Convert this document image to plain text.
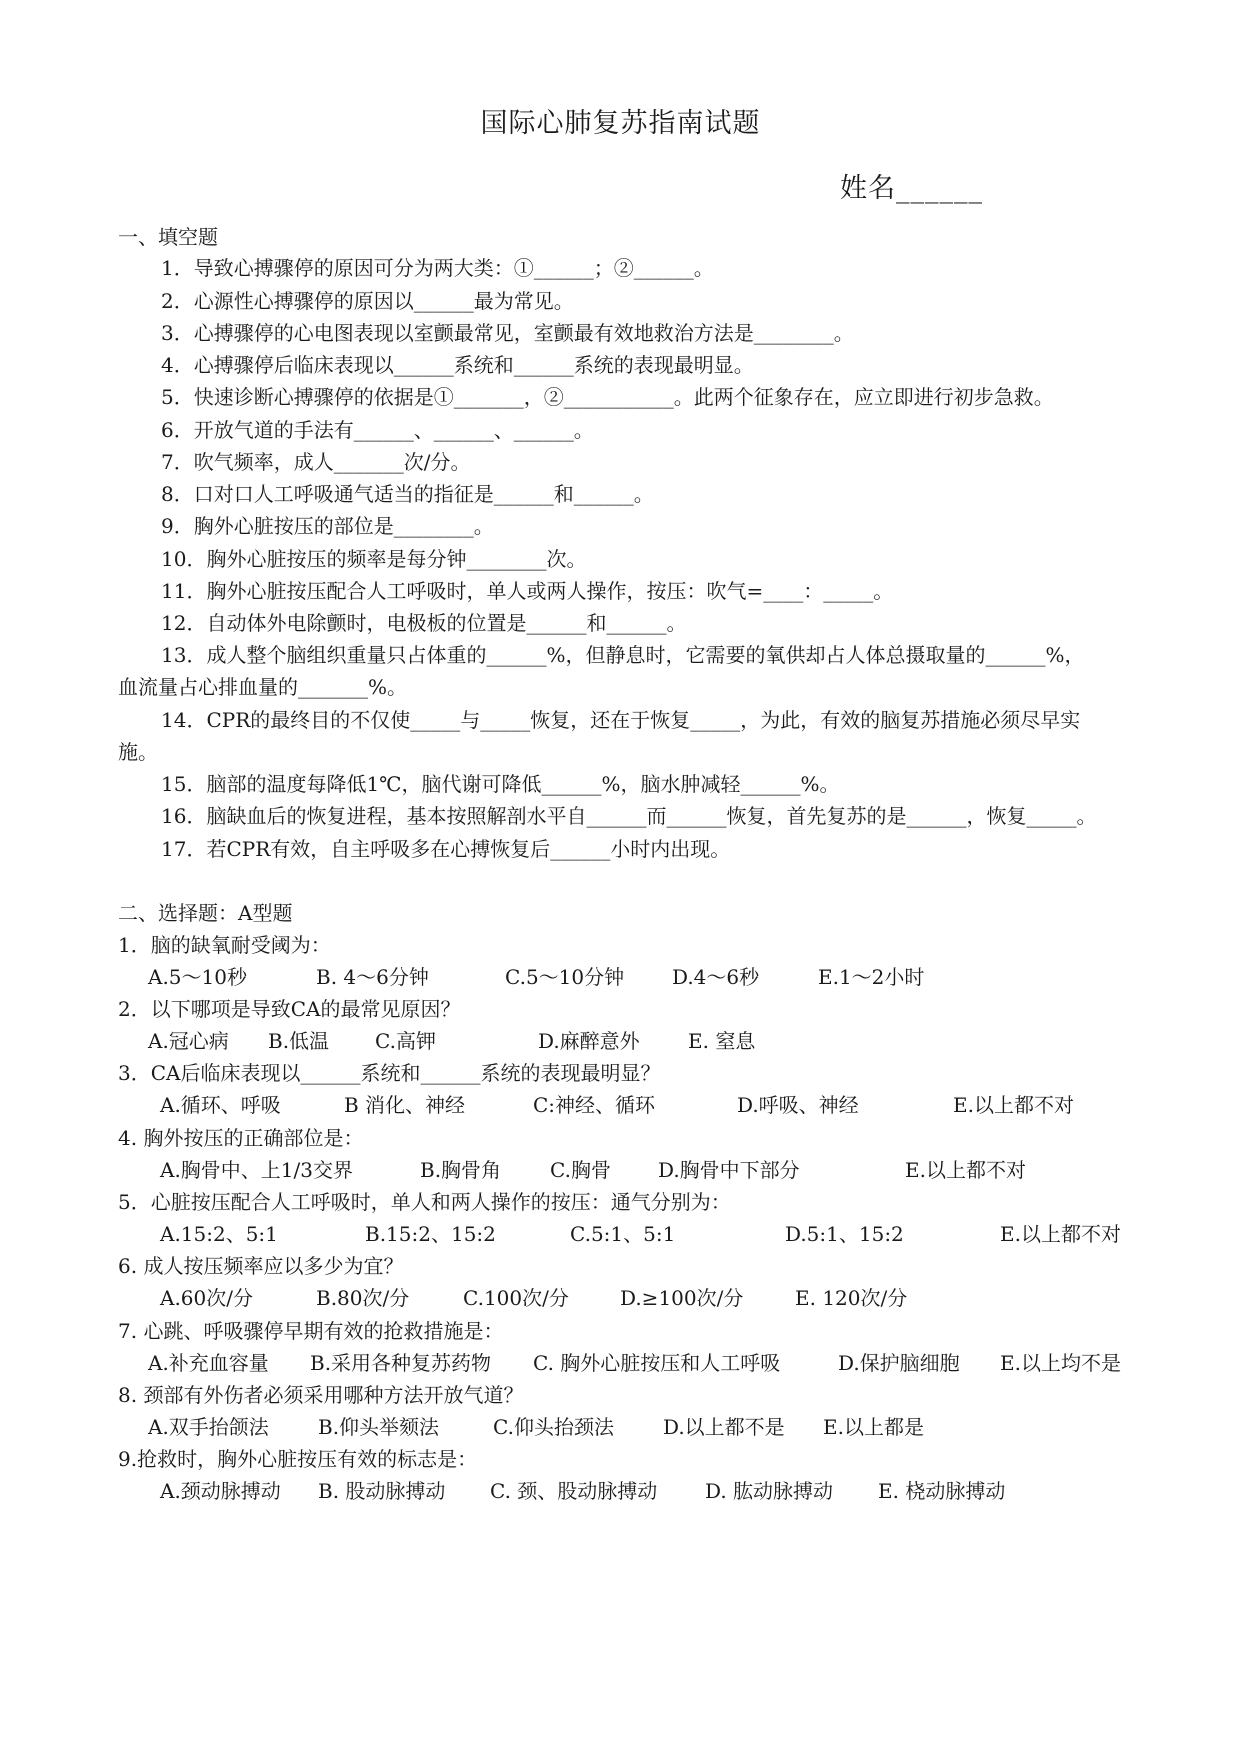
国际心肺复苏指南试题
姓名______
一、填空题
1．导致心搏骤停的原因可分为两大类：①______；②______。
2．心源性心搏骤停的原因以______最为常见。
3．心搏骤停的心电图表现以室颤最常见，室颤最有效地救治方法是________。
4．心搏骤停后临床表现以______系统和______系统的表现最明显。
5．快速诊断心搏骤停的依据是①_______，②___________。此两个征象存在，应立即进行初步急救。
6．开放气道的手法有______、______、______。
7．吹气频率，成人_______次/分。
8．口对口人工呼吸通气适当的指征是______和______。
9．胸外心脏按压的部位是________。
10．胸外心脏按压的频率是每分钟________次。
11．胸外心脏按压配合人工呼吸时，单人或两人操作，按压：吹气=____：_____。
12．自动体外电除颤时，电极板的位置是______和______。
13．成人整个脑组织重量只占体重的______%，但静息时，它需要的氧供却占人体总摄取量的______%，
血流量占心排血量的_______%。
14．CPR的最终目的不仅使_____与_____恢复，还在于恢复_____，为此，有效的脑复苏措施必须尽早实
施。
15．脑部的温度每降低1℃，脑代谢可降低______%，脑水肿减轻______%。
16．脑缺血后的恢复进程，基本按照解剖水平自______而______恢复，首先复苏的是______，恢复_____。
17．若CPR有效，自主呼吸多在心搏恢复后______小时内出现。
二、选择题：A型题
1．脑的缺氧耐受阈为：
A.5～10秒	B. 4～6分钟	C.5～10分钟 D.4～6秒	E.1～2小时
2．以下哪项是导致CA的最常见原因？
A.冠心病 B.低温 C.高钾	D.麻醉意外 E. 窒息
3．CA后临床表现以______系统和______系统的表现最明显？
A.循环、呼吸	B 消化、神经	C:神经、循环	D.呼吸、神经	E.以上都不对
4. 胸外按压的正确部位是：
A.胸骨中、上1/3交界	B.胸骨角 C.胸骨 D.胸骨中下部分	E.以上都不对
5．心脏按压配合人工呼吸时，单人和两人操作的按压：通气分别为：
A.15:2、5:1	B.15:2、15:2	C.5:1、5:1	D.5:1、15:2	E.以上都不对
6. 成人按压频率应以多少为宜？
A.60次/分	B.80次/分	C.100次/分	D.≥100次/分	E. 120次/分
7. 心跳、呼吸骤停早期有效的抢救措施是：
A.补充血容量 B.采用各种复苏药物 C. 胸外心脏按压和人工呼吸	D.保护脑细胞 E.以上均不是
8. 颈部有外伤者必须采用哪种方法开放气道？
A.双手抬颌法 B.仰头举颏法	C.仰头抬颈法 D.以上都不是 E.以上都是
9.抢救时，胸外心脏按压有效的标志是：
A.颈动脉搏动 B. 股动脉搏动 C. 颈、股动脉搏动 D. 肱动脉搏动 E. 桡动脉搏动
